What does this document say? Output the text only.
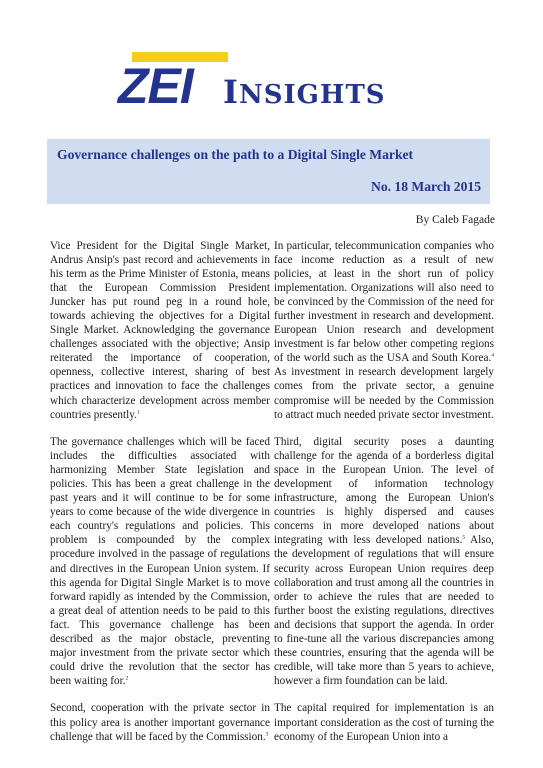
ZEI INSIGHTS
Governance challenges on the path to a Digital Single Market
No. 18 March 2015
By Caleb Fagade

Vice President for the Digital Single Market, Andrus Ansip's past record and achievements in his term as the Prime Minister of Estonia, means that the European Commission President Juncker has put round peg in a round hole, towards achieving the objectives for a Digital Single Market. Acknowledging the governance challenges associated with the objective; Ansip reiterated the importance of cooperation, openness, collective interest, sharing of best practices and innovation to face the challenges which characterize development across member countries presently.$^1$

The governance challenges which will be faced includes the difficulties associated with harmonizing Member State legislation and policies. This has been a great challenge in the past years and it will continue to be for some years to come because of the wide divergence in each country's regulations and policies. This problem is compounded by the complex procedure involved in the passage of regulations and directives in the European Union system. If this agenda for Digital Single Market is to move forward rapidly as intended by the Commission, a great deal of attention needs to be paid to this fact. This governance challenge has been described as the major obstacle, preventing major investment from the private sector which could drive the revolution that the sector has been waiting for.$^2$

Second, cooperation with the private sector in this policy area is another important governance challenge that will be faced by the Commission.$^3$

In particular, telecommunication companies who face income reduction as a result of new policies, at least in the short run of policy implementation. Organizations will also need to be convinced by the Commission of the need for further investment in research and development. European Union research and development investment is far below other competing regions of the world such as the USA and South Korea.$^4$ As investment in research development largely comes from the private sector, a genuine compromise will be needed by the Commission to attract much needed private sector investment.

Third, digital security poses a daunting challenge for the agenda of a borderless digital space in the European Union. The level of development of information technology infrastructure, among the European Union's countries is highly dispersed and causes concerns in more developed nations about integrating with less developed nations.$^5$ Also, the development of regulations that will ensure security across European Union requires deep collaboration and trust among all the countries in order to achieve the rules that are needed to further boost the existing regulations, directives and decisions that support the agenda. In order to fine-tune all the various discrepancies among these countries, ensuring that the agenda will be credible, will take more than 5 years to achieve, however a firm foundation can be laid.

The capital required for implementation is an important consideration as the cost of turning the economy of the European Union into a
